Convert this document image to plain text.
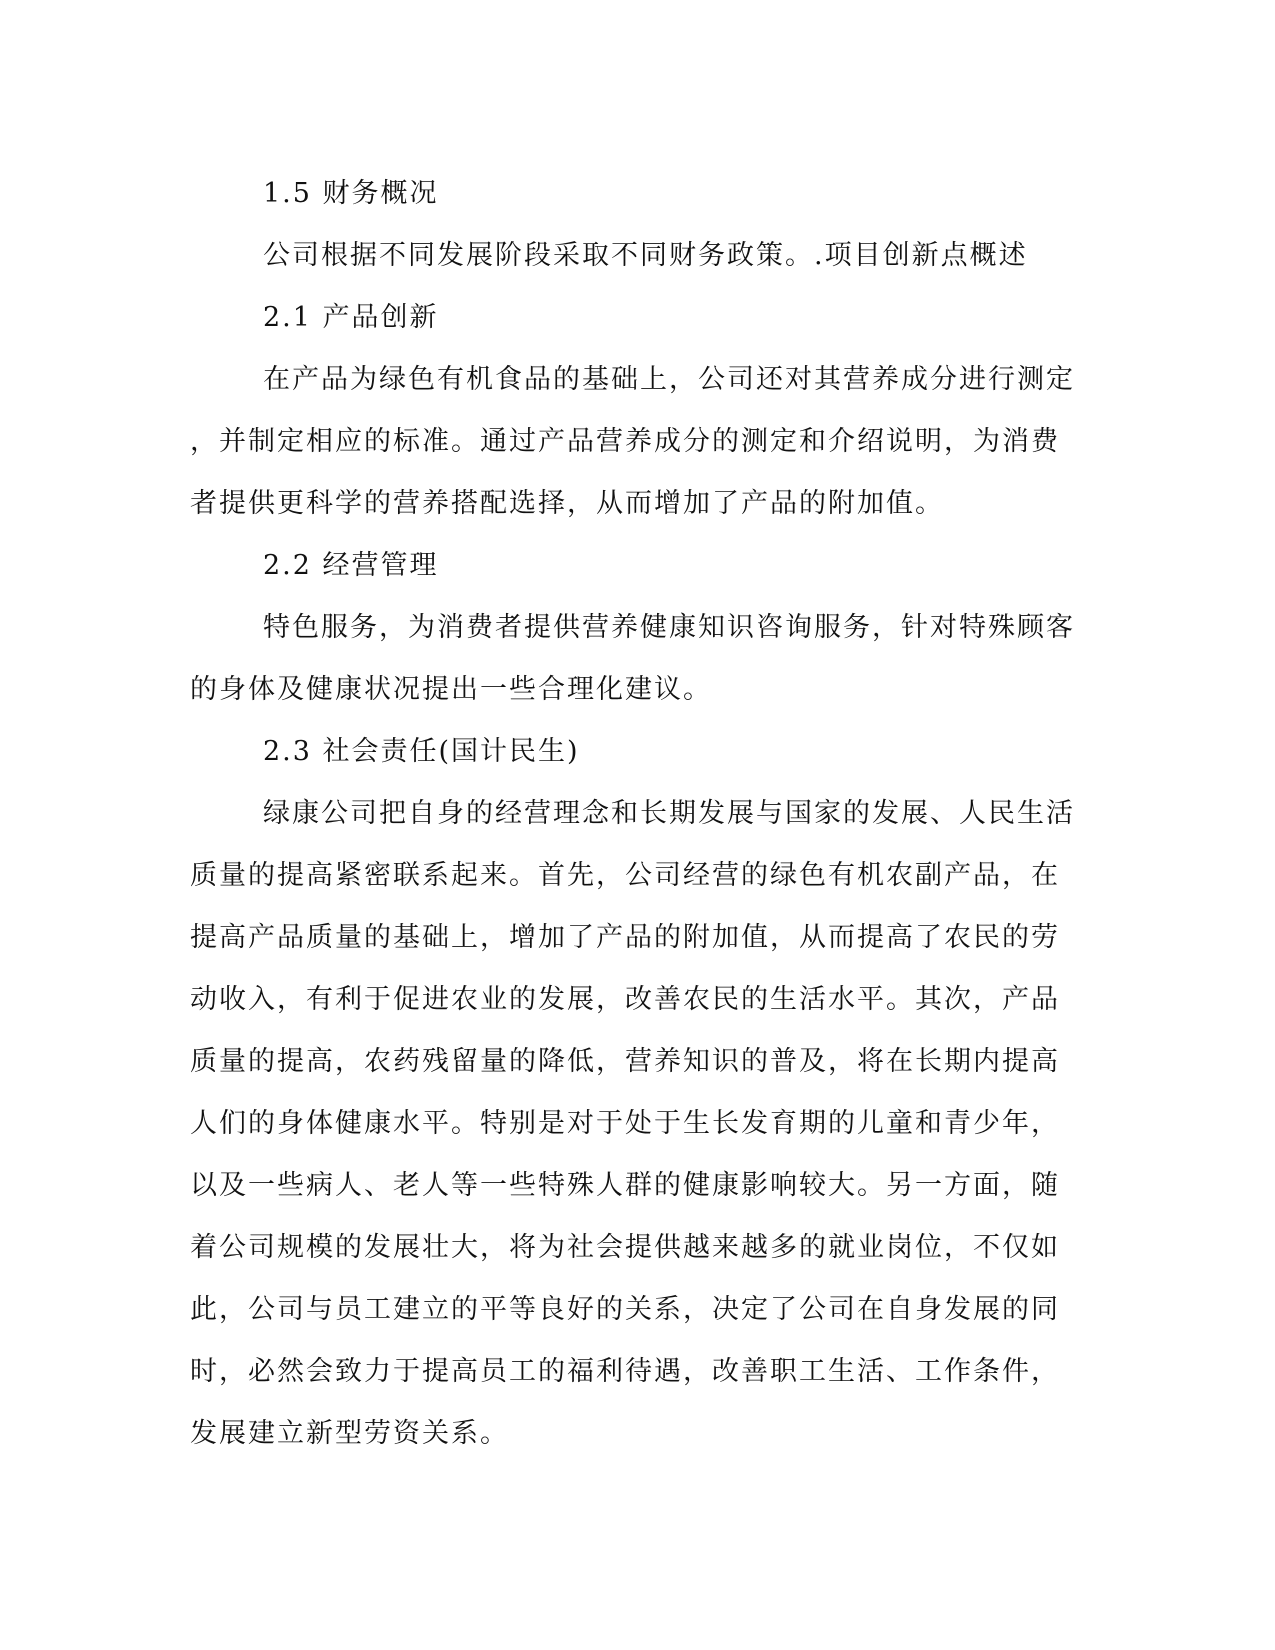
1.5 财务概况
公司根据不同发展阶段采取不同财务政策。.项目创新点概述
2.1 产品创新
在产品为绿色有机食品的基础上，公司还对其营养成分进行测定
，并制定相应的标准。通过产品营养成分的测定和介绍说明，为消费
者提供更科学的营养搭配选择，从而增加了产品的附加值。
2.2 经营管理
特色服务，为消费者提供营养健康知识咨询服务，针对特殊顾客
的身体及健康状况提出一些合理化建议。
2.3 社会责任(国计民生)
绿康公司把自身的经营理念和长期发展与国家的发展、人民生活
质量的提高紧密联系起来。首先，公司经营的绿色有机农副产品，在
提高产品质量的基础上，增加了产品的附加值，从而提高了农民的劳
动收入，有利于促进农业的发展，改善农民的生活水平。其次，产品
质量的提高，农药残留量的降低，营养知识的普及，将在长期内提高
人们的身体健康水平。特别是对于处于生长发育期的儿童和青少年，
以及一些病人、老人等一些特殊人群的健康影响较大。另一方面，随
着公司规模的发展壮大，将为社会提供越来越多的就业岗位，不仅如
此，公司与员工建立的平等良好的关系，决定了公司在自身发展的同
时，必然会致力于提高员工的福利待遇，改善职工生活、工作条件，
发展建立新型劳资关系。
